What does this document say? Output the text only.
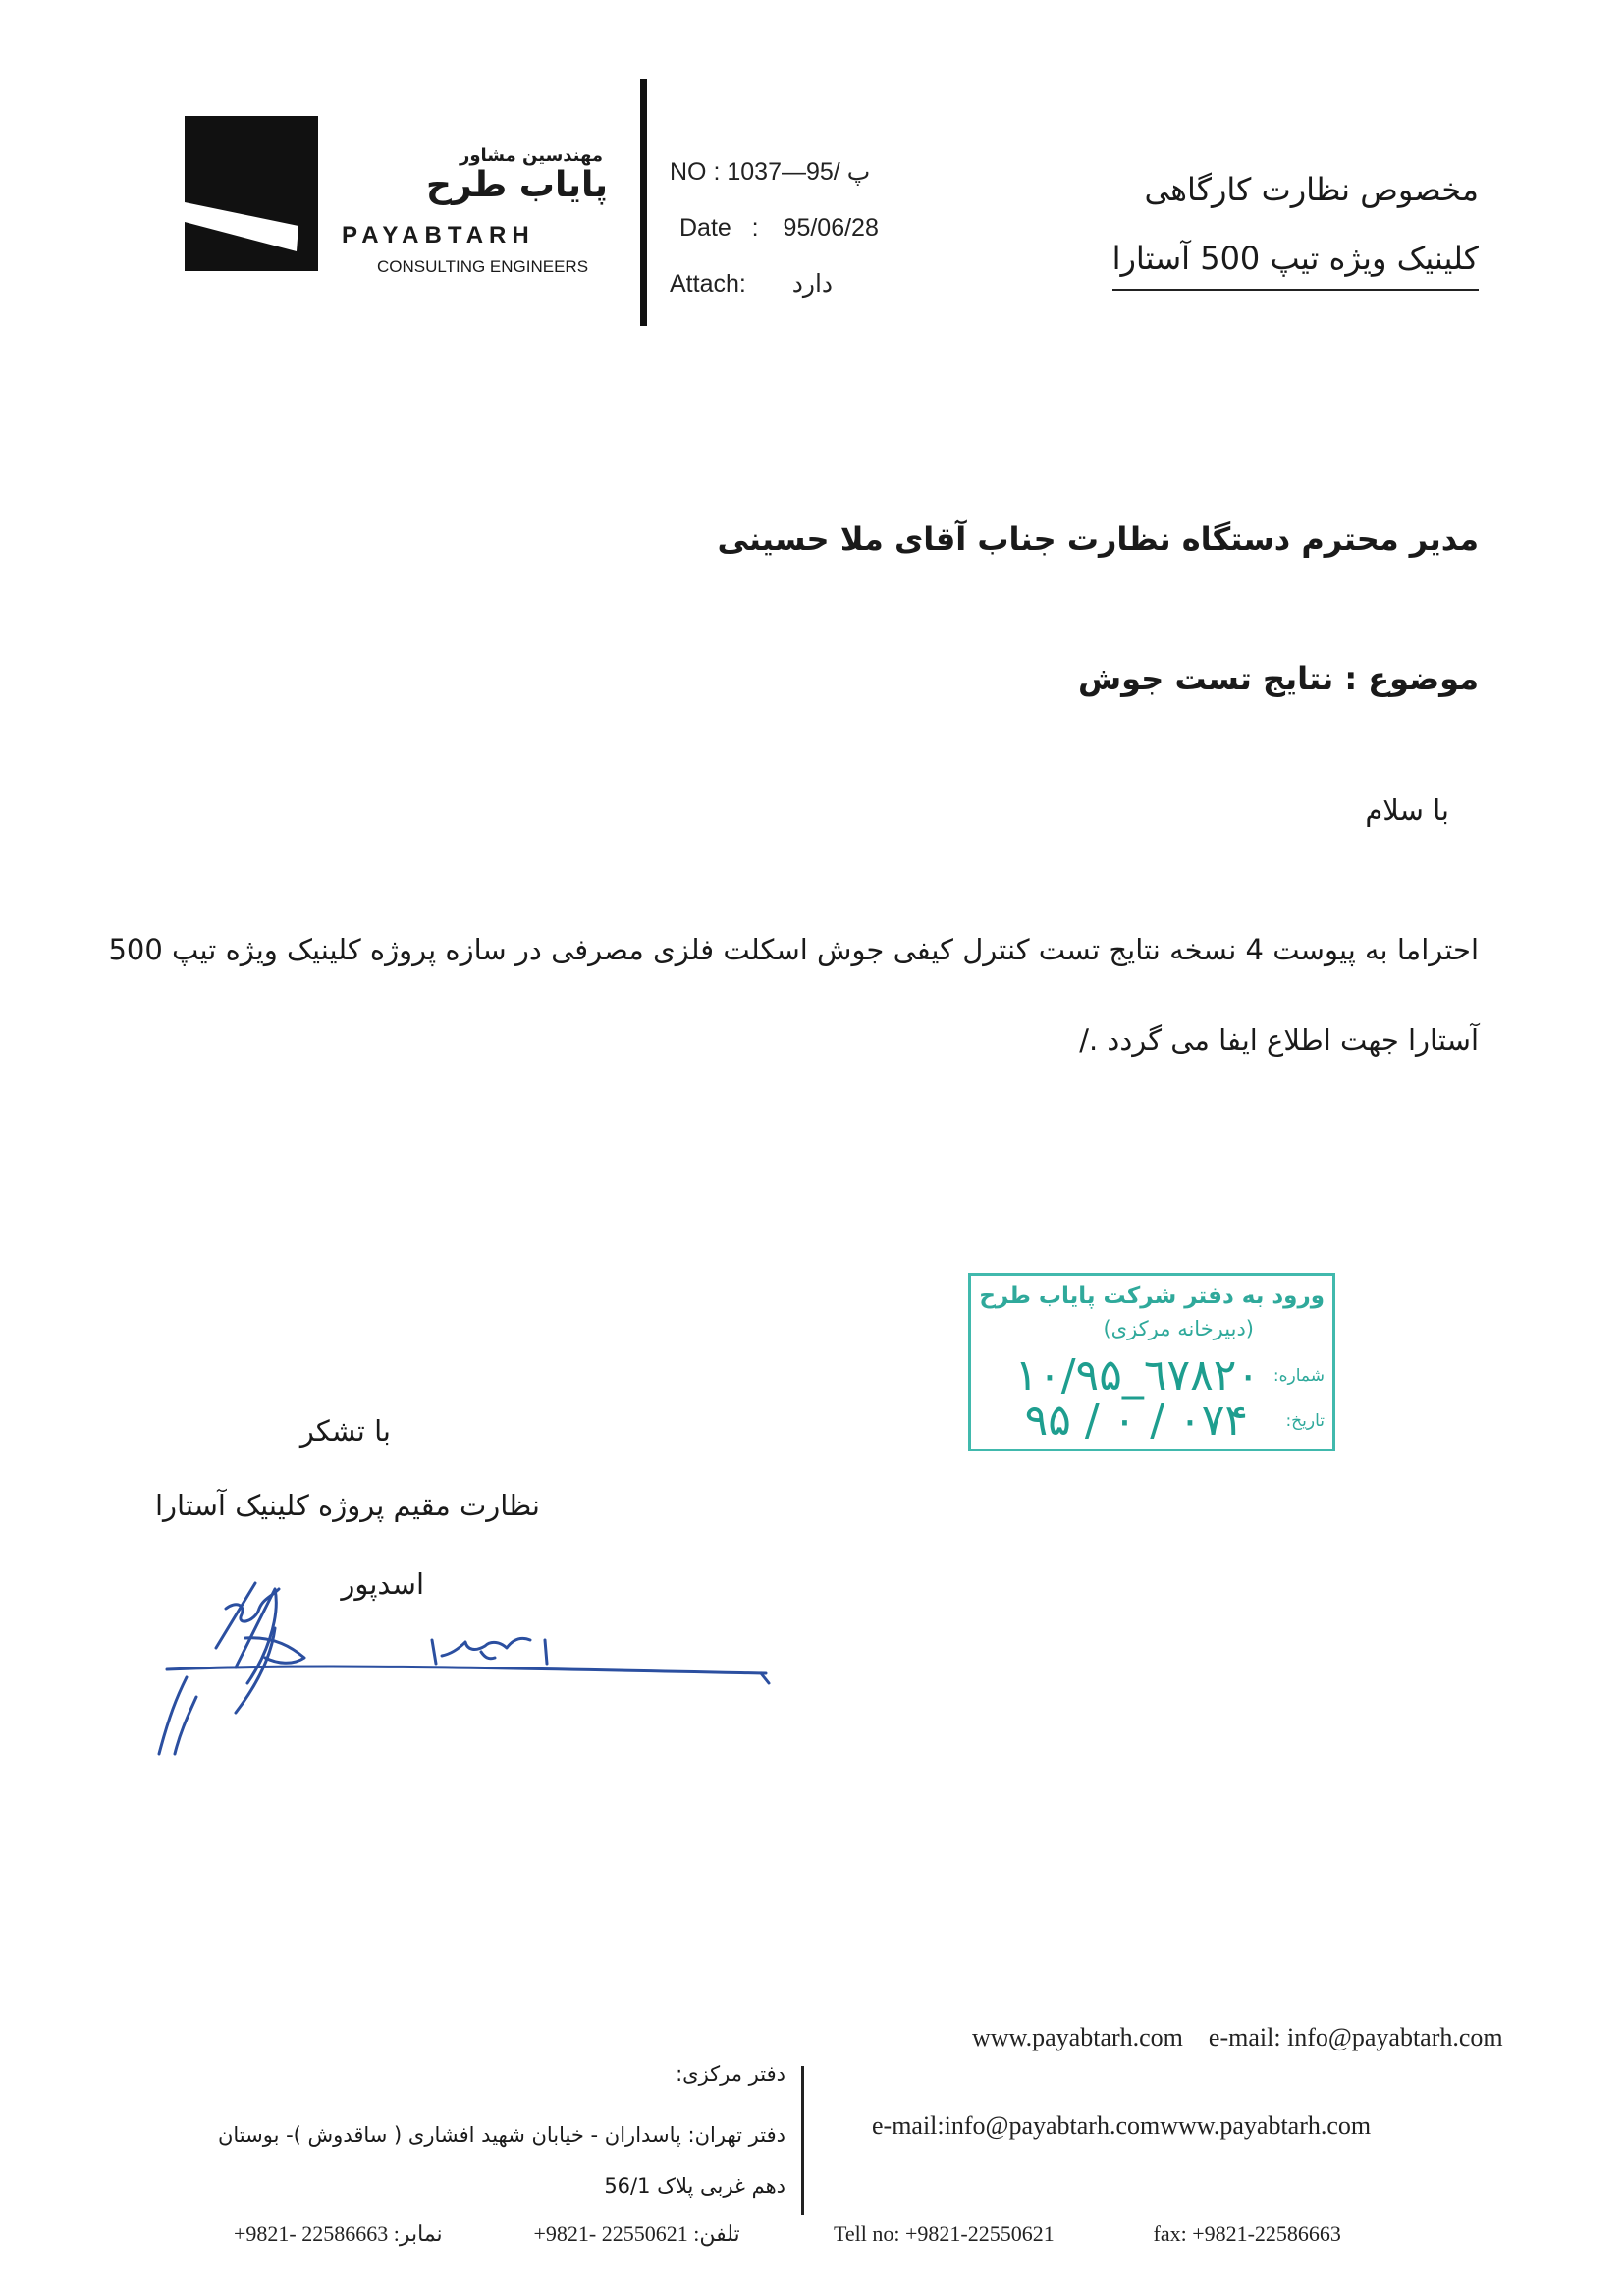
مهندسین مشاور
پایاب طرح
PAYABTARH
CONSULTING ENGINEERS
NO : پ /95—1037
Date   : 95/06/28
Attach: دارد
مخصوص نظارت کارگاهی
کلینیک ویژه تیپ 500 آستارا
مدیر محترم دستگاه نظارت جناب آقای ملا حسینی
موضوع : نتایج تست جوش
با سلام
احتراما به پیوست 4 نسخه نتایج تست کنترل کیفی جوش اسکلت فلزی مصرفی در سازه پروژه کلینیک ویژه تیپ 500
آستارا جهت اطلاع ایفا می گردد ./
ورود به دفتر شرکت پایاب طرح
(دبیرخانه مرکزی)
شماره:
١٠/٩۵_٦٧٨٢٠
تاریخ:
٩۵ / ٠٧ / ٠۴
با تشکر
نظارت مقیم پروژه کلینیک آستارا
اسدپور
www.payabtarh.com    e-mail: info@payabtarh.com
دفتر مرکزی:
دفتر تهران: پاسداران - خیابان شهید افشاری ( ساقدوش )- بوستان
دهم غربی پلاک 56/1
e-mail:info@payabtarh.comwww.payabtarh.com
+9821- 22586663 :نمابر	+9821- 22550621 :تلفن	Tell no: +9821-22550621	fax: +9821-22586663
